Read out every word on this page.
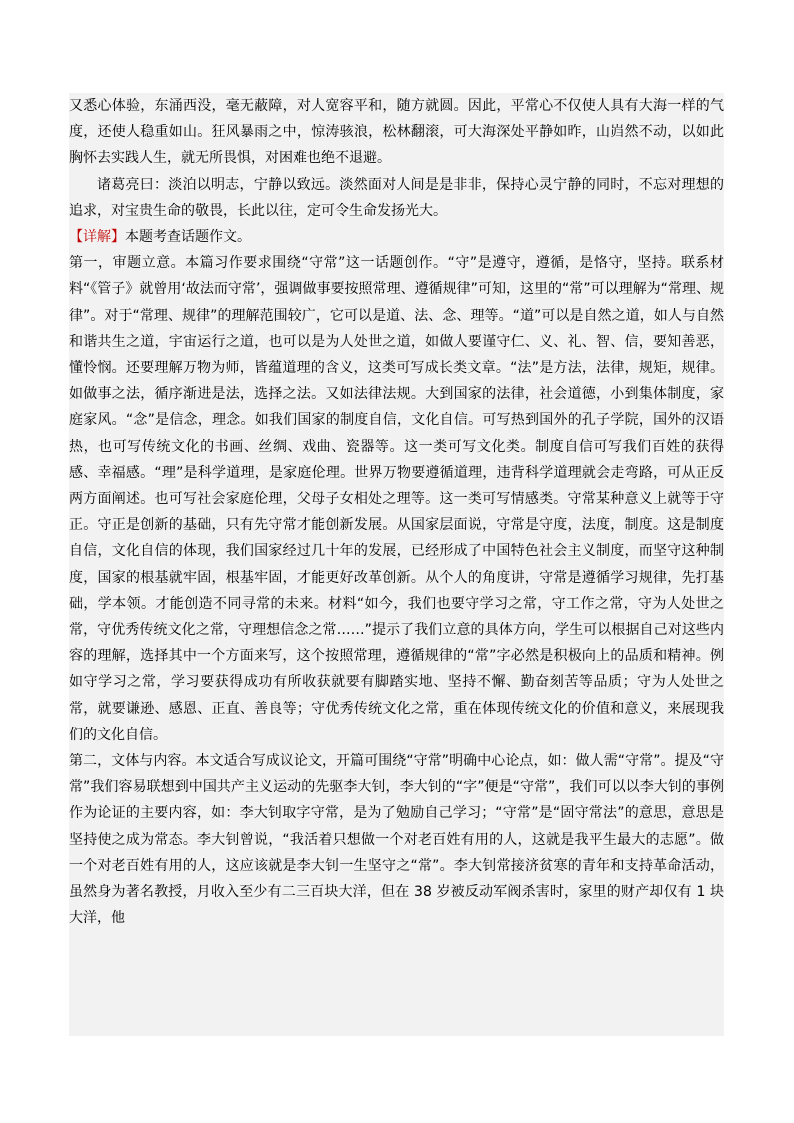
又悉心体验，东涌西没，毫无蔽障，对人宽容平和，随方就圆。因此，平常心不仅使人具有大海一样的气度，还使人稳重如山。狂风暴雨之中，惊涛骇浪，松林翻滚，可大海深处平静如昨，山岿然不动，以如此胸怀去实践人生，就无所畏惧，对困难也绝不退避。

诸葛亮曰：淡泊以明志，宁静以致远。淡然面对人间是是非非，保持心灵宁静的同时，不忘对理想的追求，对宝贵生命的敬畏，长此以往，定可令生命发扬光大。

【详解】本题考查话题作文。

第一，审题立意。本篇习作要求围绕“守常”这一话题创作。“守”是遵守，遵循，是恪守，坚持。联系材料“《管子》就曾用‘故法而守常’，强调做事要按照常理、遵循规律”可知，这里的“常”可以理解为“常理、规律”。对于“常理、规律”的理解范围较广，它可以是道、法、念、理等。“道”可以是自然之道，如人与自然和谐共生之道，宇宙运行之道，也可以是为人处世之道，如做人要谨守仁、义、礼、智、信，要知善恶，懂怜悯。还要理解万物为师，皆蕴道理的含义，这类可写成长类文章。“法”是方法，法律，规矩，规律。如做事之法，循序渐进是法，选择之法。又如法律法规。大到国家的法律，社会道德，小到集体制度，家庭家风。“念”是信念，理念。如我们国家的制度自信，文化自信。可写热到国外的孔子学院，国外的汉语热，也可写传统文化的书画、丝绸、戏曲、瓷器等。这一类可写文化类。制度自信可写我们百姓的获得感、幸福感。“理”是科学道理，是家庭伦理。世界万物要遵循道理，违背科学道理就会走弯路，可从正反两方面阐述。也可写社会家庭伦理，父母子女相处之理等。这一类可写情感类。守常某种意义上就等于守正。守正是创新的基础，只有先守常才能创新发展。从国家层面说，守常是守度，法度，制度。这是制度自信，文化自信的体现，我们国家经过几十年的发展，已经形成了中国特色社会主义制度，而坚守这种制度，国家的根基就牢固，根基牢固，才能更好改革创新。从个人的角度讲，守常是遵循学习规律，先打基础，学本领。才能创造不同寻常的未来。材料“如今，我们也要守学习之常，守工作之常，守为人处世之常，守优秀传统文化之常，守理想信念之常……”提示了我们立意的具体方向，学生可以根据自己对这些内容的理解，选择其中一个方面来写，这个按照常理，遵循规律的“常”字必然是积极向上的品质和精神。例如守学习之常，学习要获得成功有所收获就要有脚踏实地、坚持不懈、勤奋刻苦等品质；守为人处世之常，就要谦逊、感恩、正直、善良等；守优秀传统文化之常，重在体现传统文化的价值和意义，来展现我们的文化自信。

第二，文体与内容。本文适合写成议论文，开篇可围绕“守常”明确中心论点，如：做人需“守常”。提及“守常”我们容易联想到中国共产主义运动的先驱李大钊，李大钊的“字”便是“守常”，我们可以以李大钊的事例作为论证的主要内容，如：李大钊取字守常，是为了勉励自己学习；“守常”是“固守常法”的意思，意思是坚持使之成为常态。李大钊曾说，“我活着只想做一个对老百姓有用的人，这就是我平生最大的志愿”。做一个对老百姓有用的人，这应该就是李大钊一生坚守之“常”。李大钊常接济贫寒的青年和支持革命活动，虽然身为著名教授，月收入至少有二三百块大洋，但在 38 岁被反动军阀杀害时，家里的财产却仅有 1 块大洋，他
